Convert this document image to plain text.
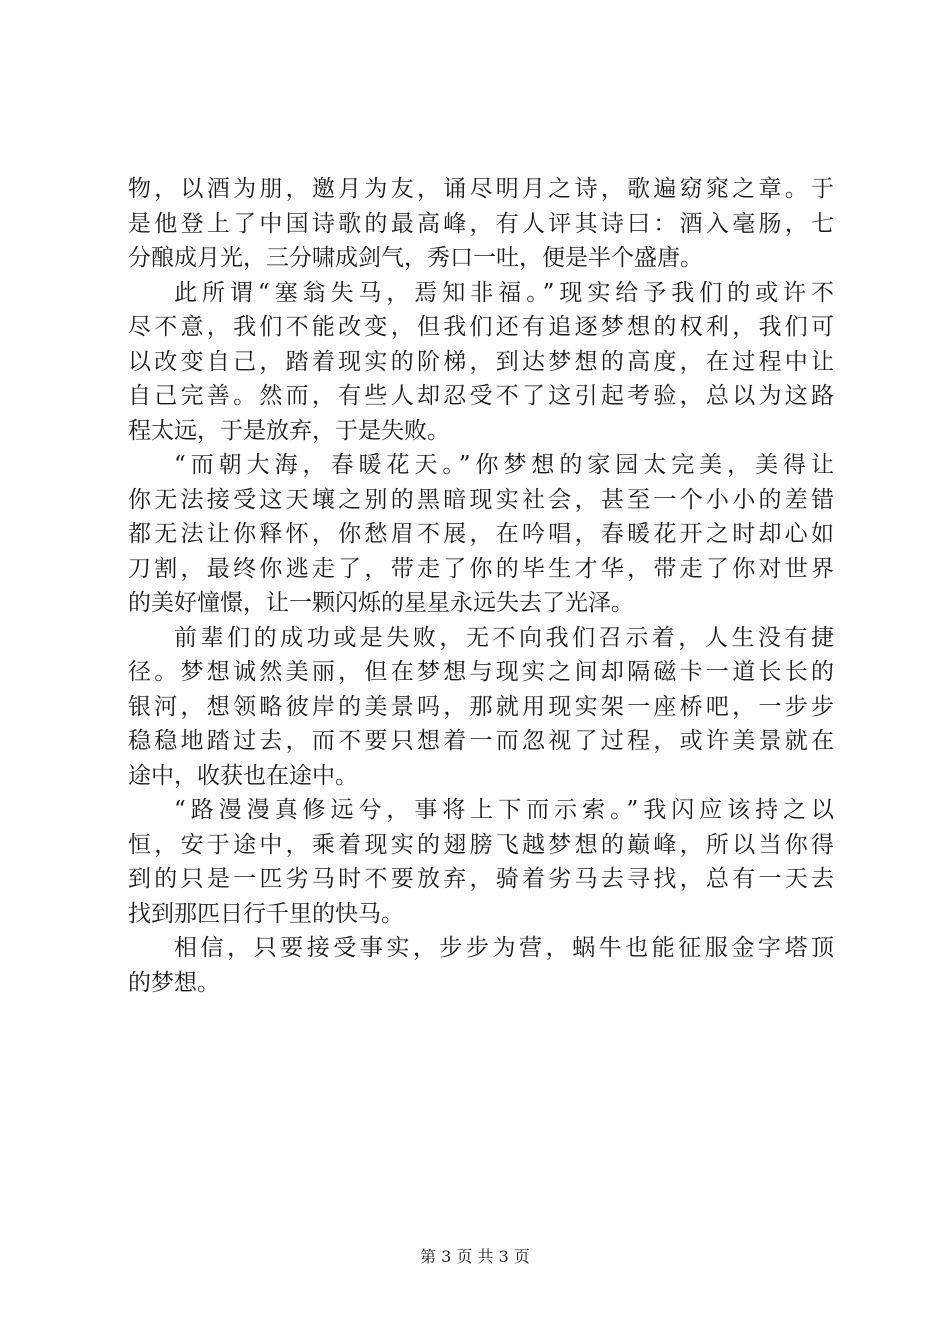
物，以酒为朋，邀月为友，诵尽明月之诗，歌遍窈窕之章。于
是他登上了中国诗歌的最高峰，有人评其诗曰：酒入毫肠，七
分酿成月光，三分啸成剑气，秀口一吐，便是半个盛唐。
此所谓“塞翁失马，焉知非福。”现实给予我们的或许不
尽不意，我们不能改变，但我们还有追逐梦想的权利，我们可
以改变自己，踏着现实的阶梯，到达梦想的高度，在过程中让
自己完善。然而，有些人却忍受不了这引起考验，总以为这路
程太远，于是放弃，于是失败。
“而朝大海，春暖花天。”你梦想的家园太完美，美得让
你无法接受这天壤之别的黑暗现实社会，甚至一个小小的差错
都无法让你释怀，你愁眉不展，在吟唱，春暖花开之时却心如
刀割，最终你逃走了，带走了你的毕生才华，带走了你对世界
的美好憧憬，让一颗闪烁的星星永远失去了光泽。
前辈们的成功或是失败，无不向我们召示着，人生没有捷
径。梦想诚然美丽，但在梦想与现实之间却隔磁卡一道长长的
银河，想领略彼岸的美景吗，那就用现实架一座桥吧，一步步
稳稳地踏过去，而不要只想着一而忽视了过程，或许美景就在
途中，收获也在途中。
“路漫漫真修远兮，事将上下而示索。”我闪应该持之以
恒，安于途中，乘着现实的翅膀飞越梦想的巅峰，所以当你得
到的只是一匹劣马时不要放弃，骑着劣马去寻找，总有一天去
找到那匹日行千里的快马。
相信，只要接受事实，步步为营，蜗牛也能征服金字塔顶
的梦想。
第 3 页 共 3 页
